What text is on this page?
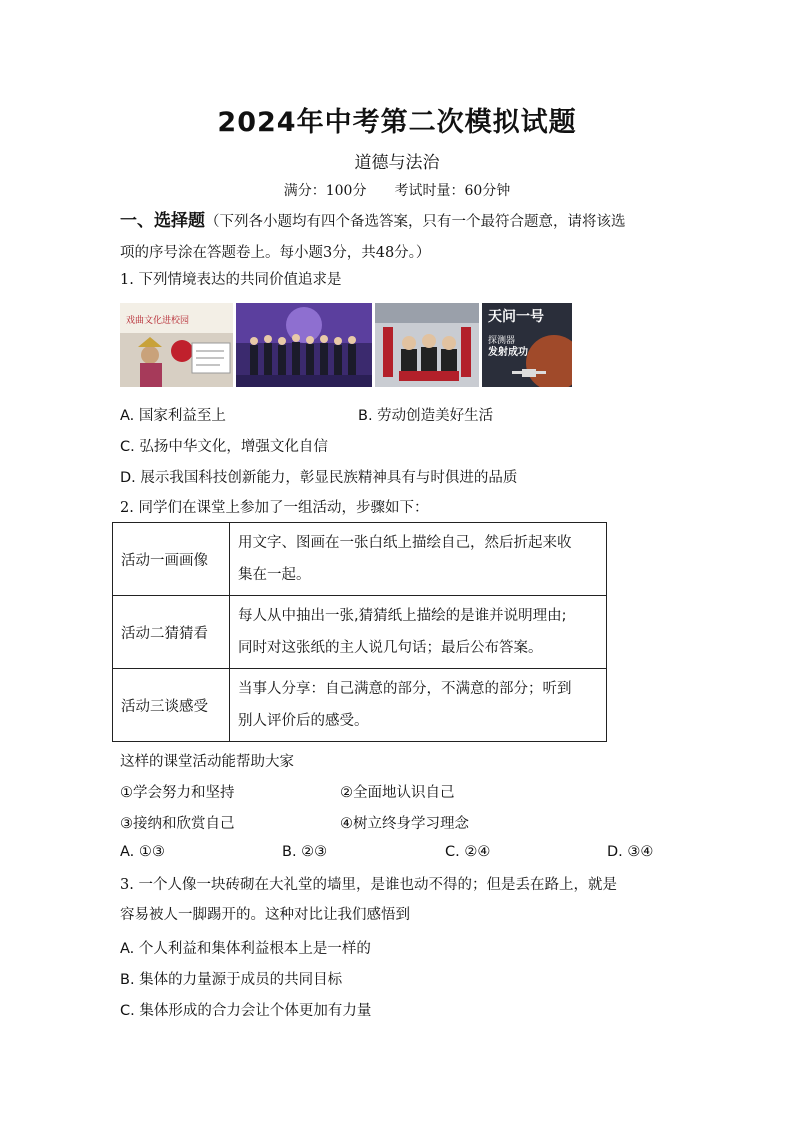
2024年中考第二次模拟试题
道德与法治
满分：100分 考试时量：60分钟
一、选择题（下列各小题均有四个备选答案，只有一个最符合题意，请将该选
项的序号涂在答题卷上。每小题3分，共48分。）
1. 下列情境表达的共同价值追求是
戏曲文化进校园	天问一号
探测器
发射成功
A. 国家利益至上	B. 劳动创造美好生活
C. 弘扬中华文化，增强文化自信
D. 展示我国科技创新能力，彰显民族精神具有与时俱进的品质
2. 同学们在课堂上参加了一组活动，步骤如下：
活动一画画像	用文字、图画在一张白纸上描绘自己，然后折起来收
集在一起。

活动二猜猜看	每人从中抽出一张,猜猜纸上描绘的是谁并说明理由;
同时对这张纸的主人说几句话；最后公布答案。

活动三谈感受	当事人分享：自己满意的部分，不满意的部分；听到
别人评价后的感受。
这样的课堂活动能帮助大家
①学会努力和坚持	②全面地认识自己
③接纳和欣赏自己	④树立终身学习理念
A. ①③	B. ②③	C. ②④	D. ③④
3. 一个人像一块砖砌在大礼堂的墙里，是谁也动不得的；但是丢在路上，就是
容易被人一脚踢开的。这种对比让我们感悟到
A. 个人利益和集体利益根本上是一样的
B. 集体的力量源于成员的共同目标
C. 集体形成的合力会让个体更加有力量
